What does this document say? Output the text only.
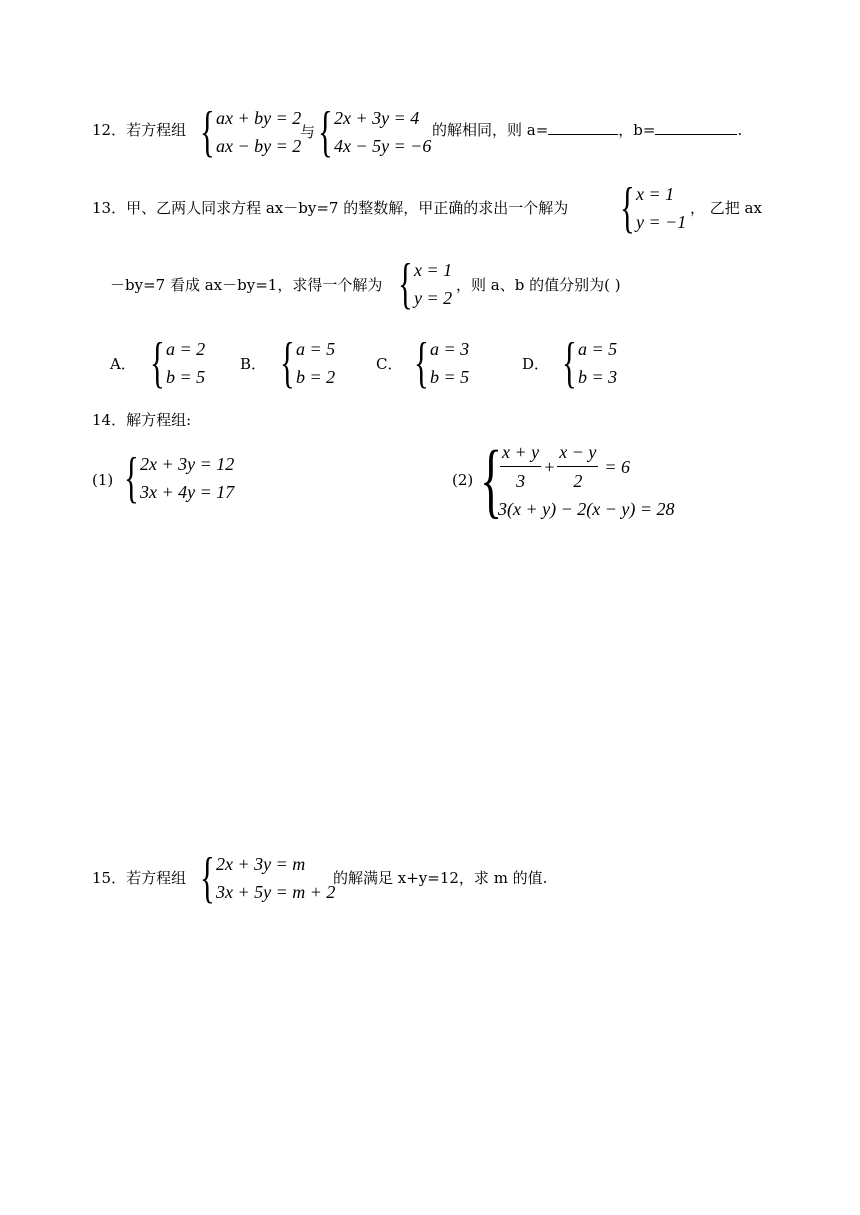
12．若方程组 { ax + by = 2
ax − by = 2
与 { 2x + 3y = 4
4x − 5y = −6
的解相同，则 a=	，b=	.
13．甲、乙两人同求方程 ax－by=7 的整数解，甲正确的求出一个解为 { x = 1
y = −1
， 乙把 ax
－by=7 看成 ax－by=1，求得一个解为 { x = 1
y = 2
，则 a、b 的值分别为( )
A． { a = 2
b = 5
B． { a = 5
b = 2
C． { a = 3
b = 5
D． { a = 5
b = 3
14．解方程组:
(1) { 2x + 3y = 12
3x + 4y = 17
(2) {
$\frac{x + y}{3} + \frac{x - y}{2} = 6$
3(x + y) − 2(x − y) = 28
15．若方程组 { 2x + 3y = m
3x + 5y = m + 2
的解满足 x+y=12，求 m 的值.
